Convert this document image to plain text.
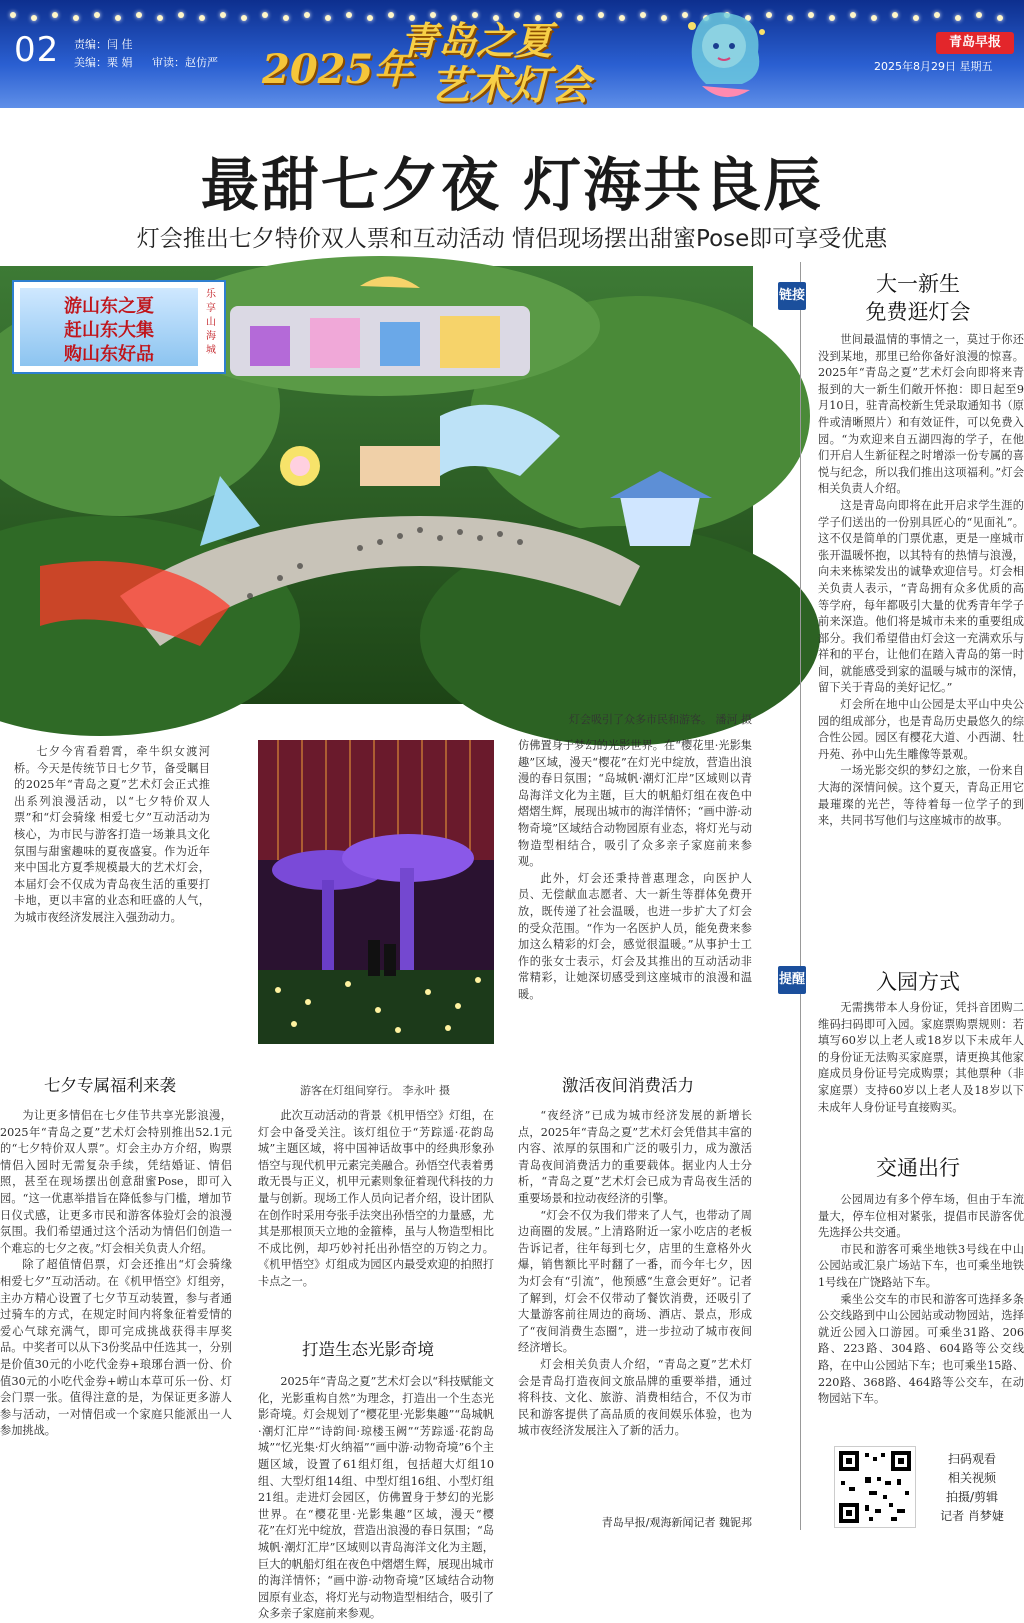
02 责编：闫 佳
美编：栗 娟 审读：赵仿严 2025年
青岛之夏
艺术灯会
青岛早报
2025年8月29日 星期五
最甜七夕夜 灯海共良辰
灯会推出七夕特价双人票和互动活动 情侣现场摆出甜蜜Pose即可享受优惠
游山东之夏
赶山东大集
购山东好品
乐享山海城
灯会吸引了众多市民和游客。 潘河 摄
七夕今宵看碧霄，牵牛织女渡河桥。今天是传统节日七夕节，备受瞩目的2025年“青岛之夏”艺术灯会正式推出系列浪漫活动，以“七夕特价双人票”和“灯会骑缘 相爱七夕”互动活动为核心，为市民与游客打造一场兼具文化氛围与甜蜜趣味的夏夜盛宴。作为近年来中国北方夏季规模最大的艺术灯会，本届灯会不仅成为青岛夜生活的重要打卡地，更以丰富的业态和旺盛的人气，为城市夜经济发展注入强劲动力。
七夕专属福利来袭

为让更多情侣在七夕佳节共享光影浪漫，2025年“青岛之夏”艺术灯会特别推出52.1元的“七夕特价双人票”。灯会主办方介绍，购票情侣入园时无需复杂手续，凭结婚证、情侣照，甚至在现场摆出创意甜蜜Pose，即可入园。“这一优惠举措旨在降低参与门槛，增加节日仪式感，让更多市民和游客体验灯会的浪漫氛围。我们希望通过这个活动为情侣们创造一个难忘的七夕之夜。”灯会相关负责人介绍。

除了超值情侣票，灯会还推出“灯会骑缘 相爱七夕”互动活动。在《机甲悟空》灯组旁，主办方精心设置了七夕节互动装置，参与者通过骑车的方式，在规定时间内将象征着爱情的爱心气球充满气，即可完成挑战获得丰厚奖品。中奖者可以从下3份奖品中任选其一，分别是价值30元的小吃代金券+琅琊台酒一份、价值30元的小吃代金券+崂山本草可乐一份、灯会门票一张。值得注意的是，为保证更多游人参与活动，一对情侣或一个家庭只能派出一人参加挑战。

游客在灯组间穿行。 李永叶 摄
此次互动活动的背景《机甲悟空》灯组，在灯会中备受关注。该灯组位于“芳踪遥·花韵岛城”主题区域，将中国神话故事中的经典形象孙悟空与现代机甲元素完美融合。孙悟空代表着勇敢无畏与正义，机甲元素则象征着现代科技的力量与创新。现场工作人员向记者介绍，设计团队在创作时采用夸张手法突出孙悟空的力量感，尤其是那根顶天立地的金箍棒，虽与人物造型相比不成比例，却巧妙衬托出孙悟空的万钧之力。《机甲悟空》灯组成为园区内最受欢迎的拍照打卡点之一。
打造生态光影奇境
2025年“青岛之夏”艺术灯会以“科技赋能文化，光影重构自然”为理念，打造出一个生态光影奇境。灯会规划了“樱花里·光影集趣”“岛城帆·潮灯汇岸”“诗韵间·琼楼玉阙”“芳踪遥·花韵岛城”“忆光集·灯火纳福”“画中游·动物奇境”6个主题区域，设置了61组灯组，包括超大灯组10组、大型灯组14组、中型灯组16组、小型灯组21组。走进灯会园区，仿佛置身于梦幻的光影世界。在“樱花里·光影集趣”区域，漫天“樱花”在灯光中绽放，营造出浪漫的春日氛围；“岛城帆·潮灯汇岸”区域则以青岛海洋文化为主题，巨大的帆船灯组在夜色中熠熠生辉，展现出城市的海洋情怀；“画中游·动物奇境”区域结合动物园原有业态，将灯光与动物造型相结合，吸引了众多亲子家庭前来参观。

仿佛置身于梦幻的光影世界。在“樱花里·光影集趣”区域，漫天“樱花”在灯光中绽放，营造出浪漫的春日氛围；“岛城帆·潮灯汇岸”区域则以青岛海洋文化为主题，巨大的帆船灯组在夜色中熠熠生辉，展现出城市的海洋情怀；“画中游·动物奇境”区域结合动物园原有业态，将灯光与动物造型相结合，吸引了众多亲子家庭前来参观。

此外，灯会还秉持普惠理念，向医护人员、无偿献血志愿者、大一新生等群体免费开放，既传递了社会温暖，也进一步扩大了灯会的受众范围。“作为一名医护人员，能免费来参加这么精彩的灯会，感觉很温暖。”从事护士工作的张女士表示，灯会及其推出的互动活动非常精彩，让她深切感受到这座城市的浪漫和温暖。

激活夜间消费活力

“夜经济”已成为城市经济发展的新增长点，2025年“青岛之夏”艺术灯会凭借其丰富的内容、浓厚的氛围和广泛的吸引力，成为激活青岛夜间消费活力的重要载体。据业内人士分析，“青岛之夏”艺术灯会已成为青岛夜生活的重要场景和拉动夜经济的引擎。

“灯会不仅为我们带来了人气，也带动了周边商圈的发展。”上清路附近一家小吃店的老板告诉记者，往年每到七夕，店里的生意格外火爆，销售额比平时翻了一番，而今年七夕，因为灯会有“引流”，他预感“生意会更好”。记者了解到，灯会不仅带动了餐饮消费，还吸引了大量游客前往周边的商场、酒店、景点，形成了“夜间消费生态圈”，进一步拉动了城市夜间经济增长。

灯会相关负责人介绍，“青岛之夏”艺术灯会是青岛打造夜间文旅品牌的重要举措，通过将科技、文化、旅游、消费相结合，不仅为市民和游客提供了高品质的夜间娱乐体验，也为城市夜经济发展注入了新的活力。

青岛早报/观海新闻记者 魏铌邦
链接	大一新生
免费逛灯会

世间最温情的事情之一，莫过于你还没到某地，那里已给你备好浪漫的惊喜。2025年“青岛之夏”艺术灯会向即将来青报到的大一新生们敞开怀抱：即日起至9月10日，驻青高校新生凭录取通知书（原件或清晰照片）和有效证件，可以免费入园。“为欢迎来自五湖四海的学子，在他们开启人生新征程之时增添一份专属的喜悦与纪念，所以我们推出这项福利。”灯会相关负责人介绍。

这是青岛向即将在此开启求学生涯的学子们送出的一份别具匠心的“见面礼”。这不仅是简单的门票优惠，更是一座城市张开温暖怀抱，以其特有的热情与浪漫，向未来栋梁发出的诚挚欢迎信号。灯会相关负责人表示，“青岛拥有众多优质的高等学府，每年都吸引大量的优秀青年学子前来深造。他们将是城市未来的重要组成部分。我们希望借由灯会这一充满欢乐与祥和的平台，让他们在踏入青岛的第一时间，就能感受到家的温暖与城市的深情，留下关于青岛的美好记忆。”

灯会所在地中山公园是太平山中央公园的组成部分，也是青岛历史最悠久的综合性公园。园区有樱花大道、小西湖、牡丹苑、孙中山先生雕像等景观。

一场光影交织的梦幻之旅，一份来自大海的深情问候。这个夏天，青岛正用它最璀璨的光芒，等待着每一位学子的到来，共同书写他们与这座城市的故事。

提醒	入园方式
无需携带本人身份证，凭抖音团购二维码扫码即可入园。家庭票购票规则：若填写60岁以上老人或18岁以下未成年人的身份证无法购买家庭票，请更换其他家庭成员身份证号完成购票；其他票种（非家庭票）支持60岁以上老人及18岁以下未成年人身份证号直接购买。
交通出行

公园周边有多个停车场，但由于车流量大，停车位相对紧张，提倡市民游客优先选择公共交通。

市民和游客可乘坐地铁3号线在中山公园站或汇泉广场站下车，也可乘坐地铁1号线在广饶路站下车。

乘坐公交车的市民和游客可选择多条公交线路到中山公园站或动物园站，选择就近公园入口游园。可乘坐31路、206路、223路、304路、604路等公交线路，在中山公园站下车；也可乘坐15路、220路、368路、464路等公交车，在动物园站下车。

扫码观看
相关视频
拍摄/剪辑
记者 肖梦婕
